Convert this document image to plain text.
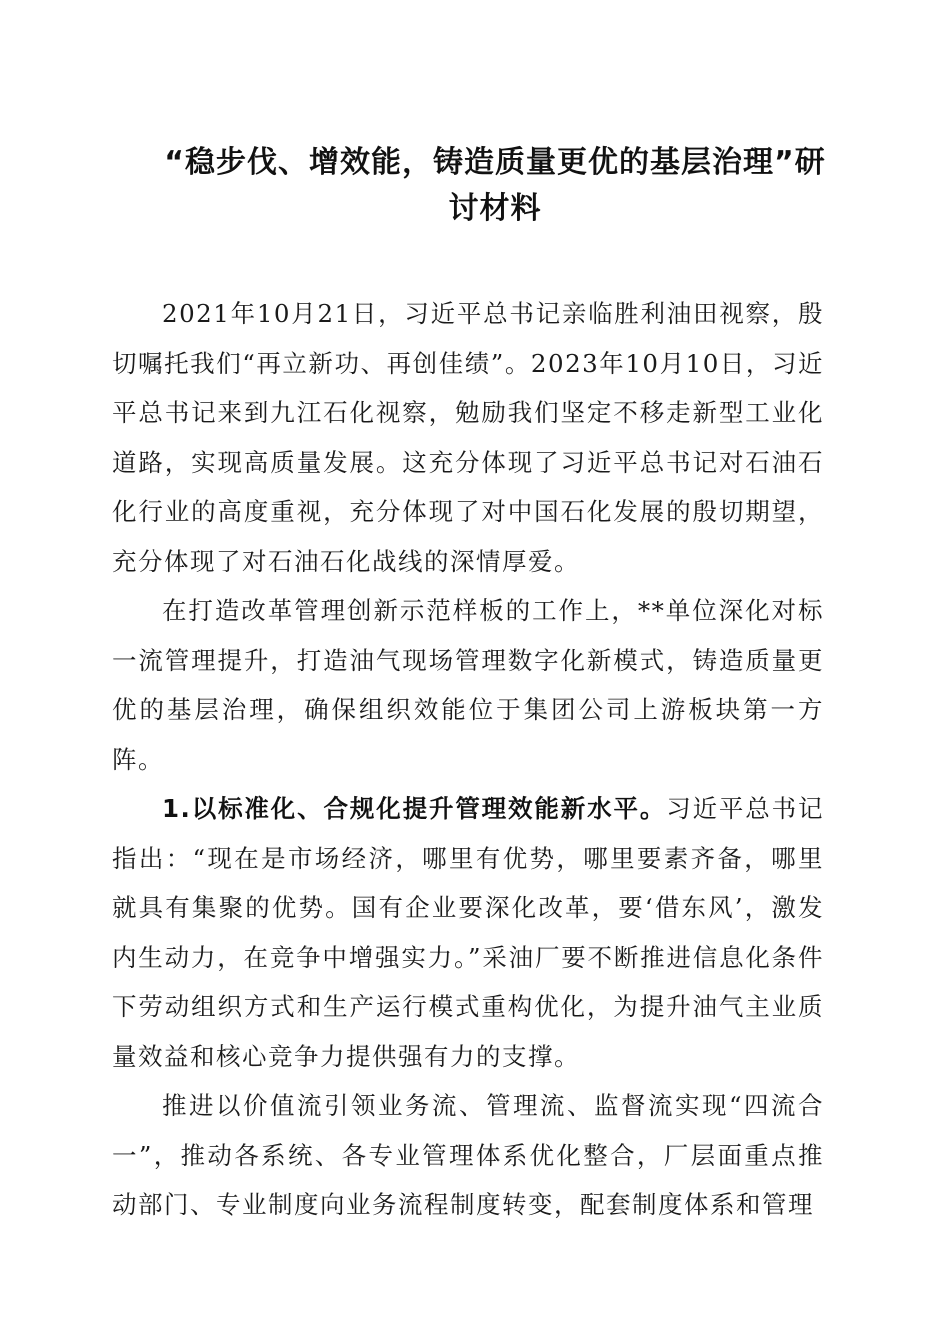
“稳步伐、增效能，铸造质量更优的基层治理”研
讨材料

2021年10月21日，习近平总书记亲临胜利油田视察，殷切嘱托我们“再立新功、再创佳绩”。2023年10月10日，习近平总书记来到九江石化视察，勉励我们坚定不移走新型工业化道路，实现高质量发展。这充分体现了习近平总书记对石油石化行业的高度重视，充分体现了对中国石化发展的殷切期望，充分体现了对石油石化战线的深情厚爱。

在打造改革管理创新示范样板的工作上，**单位深化对标一流管理提升，打造油气现场管理数字化新模式，铸造质量更优的基层治理，确保组织效能位于集团公司上游板块第一方阵。

1.以标准化、合规化提升管理效能新水平。习近平总书记指出：“现在是市场经济，哪里有优势，哪里要素齐备，哪里就具有集聚的优势。国有企业要深化改革，要‘借东风’，激发内生动力，在竞争中增强实力。”采油厂要不断推进信息化条件下劳动组织方式和生产运行模式重构优化，为提升油气主业质量效益和核心竞争力提供强有力的支撑。

推进以价值流引领业务流、管理流、监督流实现“四流合一”，推动各系统、各专业管理体系优化整合，厂层面重点推动部门、专业制度向业务流程制度转变，配套制度体系和管理
